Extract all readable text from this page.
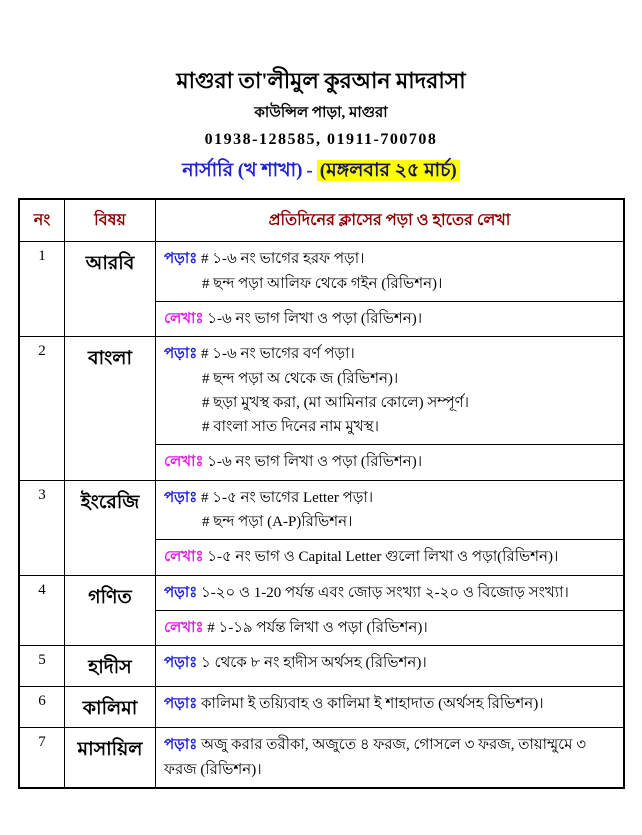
মাগুরা তা'লীমুল কুরআন মাদরাসা
কাউন্সিল পাড়া, মাগুরা
01938-128585, 01911-700708
নার্সারি (খ শাখা) - (মঙ্গলবার ২৫ মার্চ)
নং	বিষয়	প্রতিদিনের ক্লাসের পড়া ও হাতের লেখা
1	আরবি	পড়াঃ # ১-৬ নং ভাগের হরফ পড়া।

# ছন্দ পড়া আলিফ থেকে গইন (রিভিশন)।

লেখাঃ ১-৬ নং ভাগ লিখা ও পড়া (রিভিশন)।

2	বাংলা	পড়াঃ # ১-৬ নং ভাগের বর্ণ পড়া।

# ছন্দ পড়া অ থেকে জ (রিভিশন)।

# ছড়া মুখস্থ করা, (মা আমিনার কোলে) সম্পূর্ণ।

# বাংলা সাত দিনের নাম মুখস্থ।

লেখাঃ ১-৬ নং ভাগ লিখা ও পড়া (রিভিশন)।

3	ইংরেজি	পড়াঃ # ১-৫ নং ভাগের Letter পড়া।

# ছন্দ পড়া (A-P)রিভিশন।

লেখাঃ ১-৫ নং ভাগ ও Capital Letter গুলো লিখা ও পড়া(রিভিশন)।

4	গণিত	পড়াঃ ১-২০ ও 1-20 পর্যন্ত এবং জোড় সংখ্যা ২-২০ ও বিজোড় সংখ্যা।

লেখাঃ # ১-১৯ পর্যন্ত লিখা ও পড়া (রিভিশন)।

5	হাদীস	পড়াঃ ১ থেকে ৮ নং হাদীস অর্থসহ (রিভিশন)।

6	কালিমা	পড়াঃ কালিমা ই তয়্যিবাহ ও কালিমা ই শাহাদাত (অর্থসহ রিভিশন)।

7	মাসায়িল	পড়াঃ অজু করার তরীকা, অজুতে ৪ ফরজ, গোসলে ৩ ফরজ, তায়াম্মুমে ৩ ফরজ (রিভিশন)।
